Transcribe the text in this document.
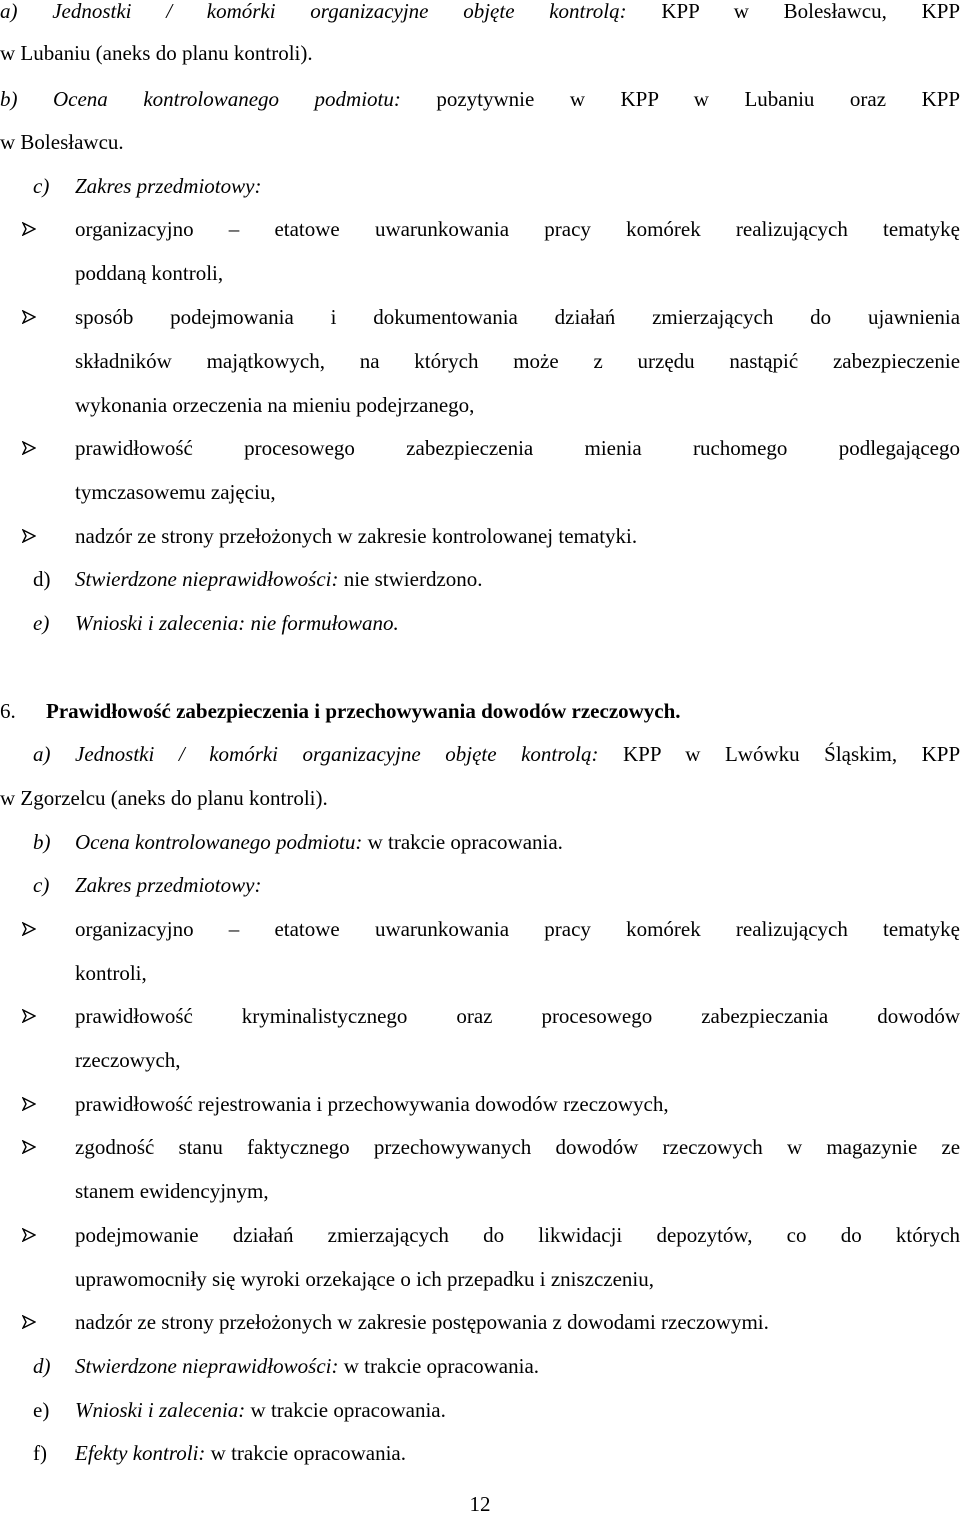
a) Jednostki / komórki organizacyjne objęte kontrolą: KPP w Bolesławcu, KPP
w Lubaniu (aneks do planu kontroli).
b) Ocena kontrolowanego podmiotu: pozytywnie w KPP w Lubaniu oraz KPP
w Bolesławcu.
c) Zakres przedmiotowy:
organizacyjno – etatowe uwarunkowania pracy komórek realizujących tematykę
poddaną kontroli,
sposób podejmowania i dokumentowania działań zmierzających do ujawnienia
składników majątkowych, na których może z urzędu nastąpić zabezpieczenie
wykonania orzeczenia na mieniu podejrzanego,
prawidłowość procesowego zabezpieczenia mienia ruchomego podlegającego
tymczasowemu zajęciu,
nadzór ze strony przełożonych w zakresie kontrolowanej tematyki.
d) Stwierdzone nieprawidłowości: nie stwierdzono.
e) Wnioski i zalecenia: nie formułowano.
6. Prawidłowość zabezpieczenia i przechowywania dowodów rzeczowych.
a) Jednostki / komórki organizacyjne objęte kontrolą: KPP w Lwówku Śląskim, KPP
w Zgorzelcu (aneks do planu kontroli).
b) Ocena kontrolowanego podmiotu: w trakcie opracowania.
c) Zakres przedmiotowy:
organizacyjno – etatowe uwarunkowania pracy komórek realizujących tematykę
kontroli,
prawidłowość kryminalistycznego oraz procesowego zabezpieczania dowodów
rzeczowych,
prawidłowość rejestrowania i przechowywania dowodów rzeczowych,
zgodność stanu faktycznego przechowywanych dowodów rzeczowych w magazynie ze
stanem ewidencyjnym,
podejmowanie działań zmierzających do likwidacji depozytów, co do których
uprawomocniły się wyroki orzekające o ich przepadku i zniszczeniu,
nadzór ze strony przełożonych w zakresie postępowania z dowodami rzeczowymi.
d) Stwierdzone nieprawidłowości: w trakcie opracowania.
e) Wnioski i zalecenia: w trakcie opracowania.
f) Efekty kontroli: w trakcie opracowania.
12
